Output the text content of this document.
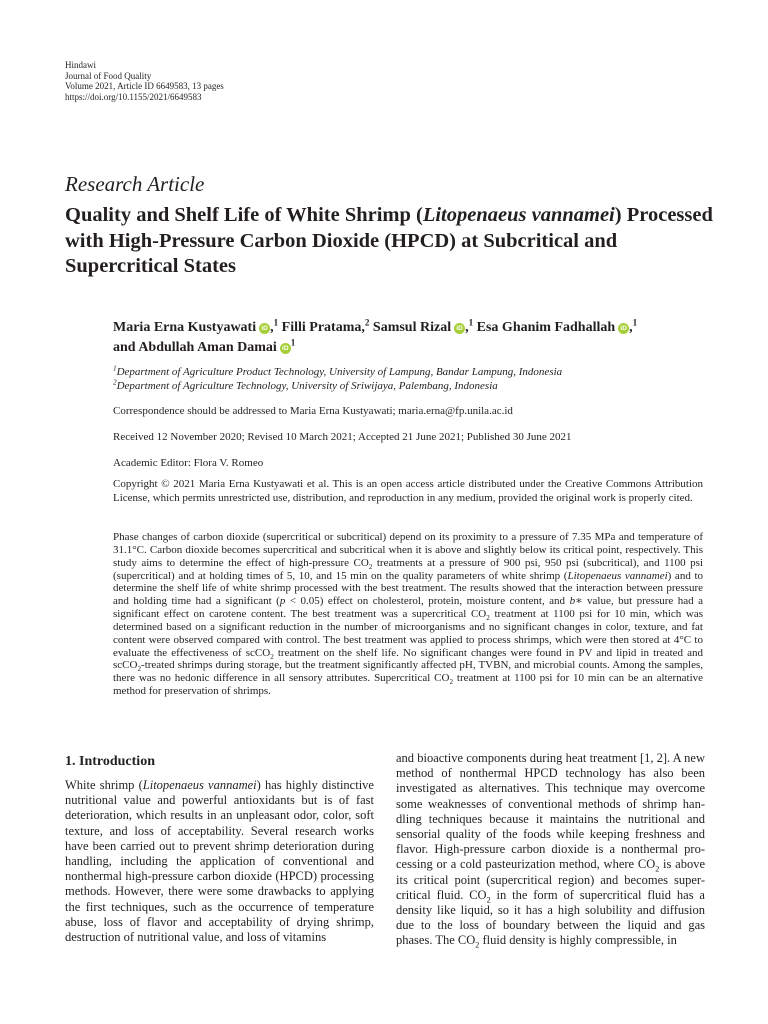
Hindawi
Journal of Food Quality
Volume 2021, Article ID 6649583, 13 pages
https://doi.org/10.1155/2021/6649583
Research Article
Quality and Shelf Life of White Shrimp (Litopenaeus vannamei) Processed with High-Pressure Carbon Dioxide (HPCD) at Subcritical and Supercritical States
Maria Erna Kustyawati iD ,$^1$ Filli Pratama,$^2$ Samsul Rizal iD ,$^1$ Esa Ghanim Fadhallah iD ,$^1$
and Abdullah Aman Damai $iD^1$
$^1$Department of Agriculture Product Technology, University of Lampung, Bandar Lampung, Indonesia
$^2$Department of Agriculture Technology, University of Sriwijaya, Palembang, Indonesia
Correspondence should be addressed to Maria Erna Kustyawati; maria.erna@fp.unila.ac.id
Received 12 November 2020; Revised 10 March 2021; Accepted 21 June 2021; Published 30 June 2021
Academic Editor: Flora V. Romeo
Copyright © 2021 Maria Erna Kustyawati et al. This is an open access article distributed under the Creative Commons Attribution License, which permits unrestricted use, distribution, and reproduction in any medium, provided the original work is properly cited.
Phase changes of carbon dioxide (supercritical or subcritical) depend on its proximity to a pressure of 7.35 MPa and temperature of 31.1°C. Carbon dioxide becomes supercritical and subcritical when it is above and slightly below its critical point, respectively. This study aims to determine the effect of high-pressure $CO_2$ treatments at a pressure of 900 psi, 950 psi (subcritical), and 1100 psi (supercritical) and at holding times of 5, 10, and 15 min on the quality parameters of white shrimp (Litopenaeus vannamei) and to determine the shelf life of white shrimp processed with the best treatment. The results showed that the interaction between pressure and holding time had a significant (p < 0.05) effect on cholesterol, protein, moisture content, and b∗ value, but pressure had a significant effect on carotene content. The best treatment was a supercritical $CO_2$ treatment at 1100 psi for 10 min, which was determined based on a significant reduction in the number of microorganisms and no significant changes in color, texture, and fat content were observed compared with control. The best treatment was applied to process shrimps, which were then stored at 4°C to evaluate the effectiveness of scCO$_2$ treatment on the shelf life. No significant changes were found in PV and lipid in treated and scCO$_2$-treated shrimps during storage, but the treatment significantly affected pH, TVBN, and microbial counts. Among the samples, there was no hedonic difference in all sensory attributes. Supercritical $CO_2$ treatment at 1100 psi for 10 min can be an alternative method for preservation of shrimps.
1. Introduction
White shrimp (Litopenaeus vannamei) has highly distinctive nutritional value and powerful antioxidants but is of fast deterioration, which results in an unpleasant odor, color, soft texture, and loss of acceptability. Several research works have been carried out to prevent shrimp deterioration during handling, including the application of conventional and nonthermal high-pressure carbon dioxide (HPCD) processing methods. However, there were some drawbacks to applying the first techniques, such as the occurrence of temperature abuse, loss of flavor and acceptability of drying shrimp, destruction of nutritional value, and loss of vitamins
and bioactive components during heat treatment [1, 2]. A new method of nonthermal HPCD technology has also been investigated as alternatives. This technique may overcome some weaknesses of conventional methods of shrimp han-dling techniques because it maintains the nutritional and sensorial quality of the foods while keeping freshness and flavor. High-pressure carbon dioxide is a nonthermal pro-cessing or a cold pasteurization method, where $CO_2$ is above its critical point (supercritical region) and becomes super-critical fluid. $CO_2$ in the form of supercritical fluid has a density like liquid, so it has a high solubility and diffusion due to the loss of boundary between the liquid and gas phases. The $CO_2$ fluid density is highly compressible, in
